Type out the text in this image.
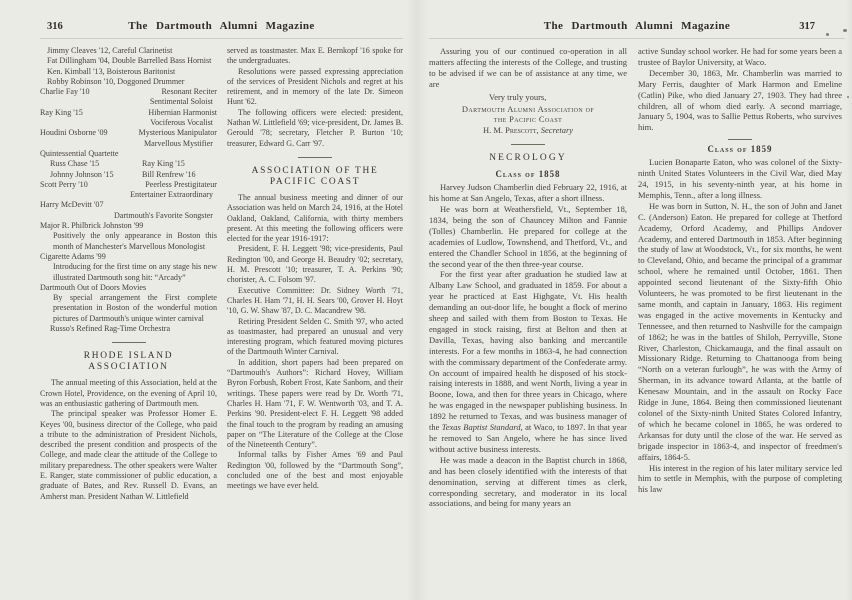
316	The Dartmouth Alumni Magazine	The Dartmouth Alumni Magazine	317
Jimmy Cleaves '12, Careful Clarinetist
Fat Dillingham '04, Double Barrelled Bass Hornist
Ken. Kimball '13, Boisterous Baritonist
Robby Robinson '10, Doggoned Drummer
Charlie Fay '10	Resonant Reciter
Sentimental Soloist
Ray King '15	Hibernian Harmonist
Vociferous Vocalist
Houdini Osborne '09	Mysterious Manipulator
Marvellous Mystifier
Quintessential Quartette
Russ Chase '15	Ray King '15
Johnny Johnson '15	Bill Renfrew '16
Scott Perry '10	Peerless Prestigitateur
Entertainer Extraordinary
Harry McDevitt '07
Dartmouth's Favorite Songster
Major R. Philbrick Johnston '99
Positively the only appearance in Boston this month of Manchester's Marvellous Monologist
Cigarette Adams '99
Introducing for the first time on any stage his new illustrated Dartmouth song hit: “Arcady”
Dartmouth Out of Doors Movies
By special arrangement the First complete presentation in Boston of the wonderful motion pictures of Dartmouth's unique winter carnival
Russo's Refined Rag-Time Orchestra
RHODE ISLAND ASSOCIATION

The annual meeting of this Association, held at the Crown Hotel, Providence, on the evening of April 10, was an enthusiastic gathering of Dartmouth men.

The principal speaker was Professor Homer E. Keyes '00, business director of the College, who paid a tribute to the administration of President Nichols, described the present condition and prospects of the College, and made clear the attitude of the College to military preparedness. The other speakers were Walter E. Ranger, state commissioner of public education, a graduate of Bates, and Rev. Russell D. Evans, an Amherst man. President Nathan W. Littlefield

served as toastmaster. Max E. Bernkopf '16 spoke for the undergraduates.

Resolutions were passed expressing appreciation of the services of President Nichols and regret at his retirement, and in memory of the late Dr. Simeon Hunt '62.

The following officers were elected: president, Nathan W. Littlefield '69; vice-president, Dr. James B. Gerould '78; secretary, Fletcher P. Burton '10; treasurer, Edward G. Carr '97.

ASSOCIATION OF THE PACIFIC COAST

The annual business meeting and dinner of our Association was held on March 24, 1916, at the Hotel Oakland, Oakland, California, with thirty members present. At this meeting the following officers were elected for the year 1916-1917:

President, F. H. Leggett '98; vice-presidents, Paul Redington '00, and George H. Beaudry '02; secretary, H. M. Prescott '10; treasurer, T. A. Perkins '90; chorister, A. C. Folsom '97.

Executive Committee: Dr. Sidney Worth '71, Charles H. Ham '71, H. H. Sears '00, Grover H. Hoyt '10, G. W. Shaw '87, D. C. Macandrew '98.

Retiring President Selden C. Smith '97, who acted as toastmaster, had prepared an unusual and very interesting program, which featured moving pictures of the Dartmouth Winter Carnival.

In addition, short papers had been prepared on “Dartmouth's Authors”: Richard Hovey, William Byron Forbush, Robert Frost, Kate Sanborn, and their writings. These papers were read by Dr. Worth '71, Charles H. Ham '71, F. W. Wentworth '03, and T. A. Perkins '90. President-elect F. H. Leggett '98 added the final touch to the program by reading an amusing paper on “The Literature of the College at the Close of the Nineteenth Century”.

Informal talks by Fisher Ames '69 and Paul Redington '00, followed by the “Dartmouth Song”, concluded one of the best and most enjoyable meetings we have ever held.

Assuring you of our continued co-operation in all matters affecting the interests of the College, and trusting to be advised if we can be of assistance at any time, we are

Very truly yours,

Dartmouth Alumni Association of

the Pacific Coast

H. M. Prescott, Secretary

NECROLOGY
Class of 1858

Harvey Judson Chamberlin died February 22, 1916, at his home at San Angelo, Texas, after a short illness.

He was born at Weathersfield, Vt., September 18, 1834, being the son of Chauncey Milton and Fannie (Tolles) Chamberlin. He prepared for college at the academies of Ludlow, Townshend, and Thetford, Vt., and entered the Chandler School in 1856, at the beginning of the second year of the then three-year course.

For the first year after graduation he studied law at Albany Law School, and graduated in 1859. For about a year he practiced at East Highgate, Vt. His health demanding an out-door life, he bought a flock of merino sheep and sailed with them from Boston to Texas. He engaged in stock raising, first at Belton and then at Davilla, Texas, having also banking and mercantile interests. For a few months in 1863-4, he had connection with the commissary department of the Confederate army. On account of impaired health he disposed of his stock-raising interests in 1888, and went North, living a year in Boone, Iowa, and then for three years in Chicago, where he was engaged in the newspaper publishing business. In 1892 he returned to Texas, and was business manager of the Texas Baptist Standard, at Waco, to 1897. In that year he removed to San Angelo, where he has since lived without active business interests.

He was made a deacon in the Baptist church in 1868, and has been closely identified with the interests of that denomination, serving at different times as clerk, corresponding secretary, and moderator in its local associations, and being for many years an

active Sunday school worker. He had for some years been a trustee of Baylor University, at Waco.

December 30, 1863, Mr. Chamberlin was married to Mary Ferris, daughter of Mark Harmon and Emeline (Catlin) Pike, who died January 27, 1903. They had three children, all of whom died early. A second marriage, January 5, 1904, was to Sallie Pettus Roberts, who survives him.

Class of 1859

Lucien Bonaparte Eaton, who was colonel of the Sixty-ninth United States Volunteers in the Civil War, died May 24, 1915, in his seventy-ninth year, at his home in Memphis, Tenn., after a long illness.

He was born in Sutton, N. H., the son of John and Janet C. (Anderson) Eaton. He prepared for college at Thetford Academy, Orford Academy, and Phillips Andover Academy, and entered Dartmouth in 1853. After beginning the study of law at Woodstock, Vt., for six months, he went to Cleveland, Ohio, and became the principal of a grammar school, where he remained until October, 1861. Then appointed second lieutenant of the Sixty-fifth Ohio Volunteers, he was promoted to be first lieutenant in the same month, and captain in January, 1863. His regiment was engaged in the active movements in Kentucky and Tennessee, and then returned to Nashville for the campaign of 1862; he was in the battles of Shiloh, Perryville, Stone River, Charleston, Chickamauga, and the final assault on Missionary Ridge. Returning to Chattanooga from being “North on a veteran furlough”, he was with the Army of Sherman, in its advance toward Atlanta, at the battle of Kenesaw Mountain, and in the assault on Rocky Face Ridge in June, 1864. Being then commissioned lieutenant colonel of the Sixty-ninth United States Colored Infantry, of which he became colonel in 1865, he was ordered to Arkansas for duty until the close of the war. He served as brigade inspector in 1863-4, and inspector of freedmen's affairs, 1864-5.

His interest in the region of his later military service led him to settle in Memphis, with the purpose of completing his law
